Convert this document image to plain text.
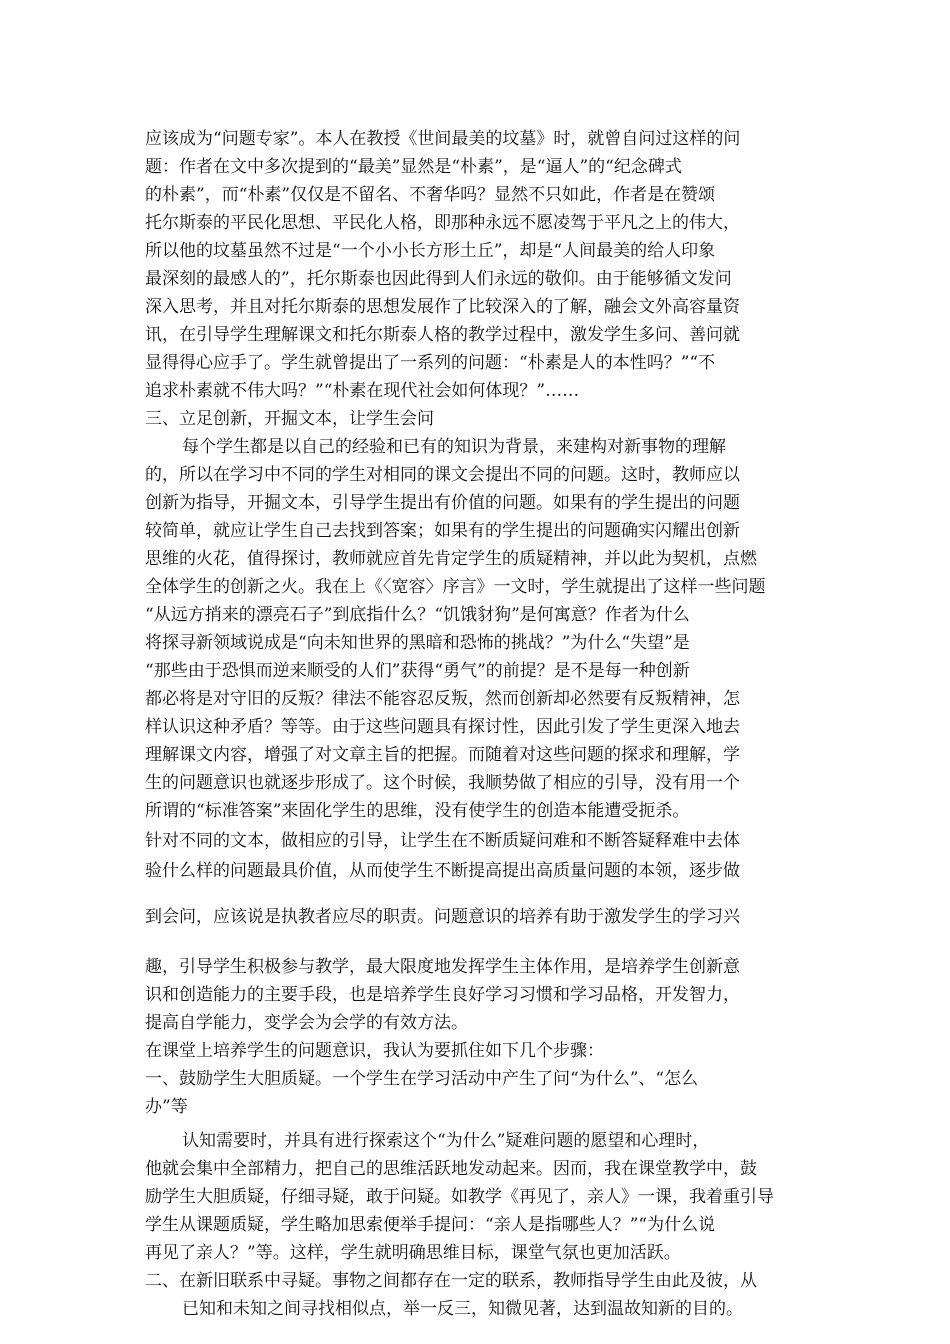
应该成为“问题专家”。本人在教授《世间最美的坟墓》时，就曾自问过这样的问
题：作者在文中多次提到的“最美”显然是“朴素”，是“逼人”的“纪念碑式
的朴素”，而“朴素”仅仅是不留名、不奢华吗？显然不只如此，作者是在赞颂
托尔斯泰的平民化思想、平民化人格，即那种永远不愿凌驾于平凡之上的伟大，
所以他的坟墓虽然不过是“一个小小长方形土丘”，却是“人间最美的给人印象
最深刻的最感人的”，托尔斯泰也因此得到人们永远的敬仰。由于能够循文发问
深入思考，并且对托尔斯泰的思想发展作了比较深入的了解，融会文外高容量资
讯，在引导学生理解课文和托尔斯泰人格的教学过程中，激发学生多问、善问就
显得得心应手了。学生就曾提出了一系列的问题：“朴素是人的本性吗？”“不
追求朴素就不伟大吗？”“朴素在现代社会如何体现？”……
三、立足创新，开掘文本，让学生会问
每个学生都是以自己的经验和已有的知识为背景，来建构对新事物的理解
的，所以在学习中不同的学生对相同的课文会提出不同的问题。这时，教师应以
创新为指导，开掘文本，引导学生提出有价值的问题。如果有的学生提出的问题
较简单，就应让学生自己去找到答案；如果有的学生提出的问题确实闪耀出创新
思维的火花，值得探讨，教师就应首先肯定学生的质疑精神，并以此为契机，点燃
全体学生的创新之火。我在上《〈宽容〉序言》一文时，学生就提出了这样一些问题
“从远方捎来的漂亮石子”到底指什么？“饥饿豺狗”是何寓意？作者为什么
将探寻新领域说成是“向未知世界的黑暗和恐怖的挑战？”为什么“失望”是
“那些由于恐惧而逆来顺受的人们”获得“勇气”的前提？是不是每一种创新
都必将是对守旧的反叛？律法不能容忍反叛，然而创新却必然要有反叛精神，怎
样认识这种矛盾？等等。由于这些问题具有探讨性，因此引发了学生更深入地去
理解课文内容，增强了对文章主旨的把握。而随着对这些问题的探求和理解，学
生的问题意识也就逐步形成了。这个时候，我顺势做了相应的引导，没有用一个
所谓的“标准答案”来固化学生的思维，没有使学生的创造本能遭受扼杀。
针对不同的文本，做相应的引导，让学生在不断质疑问难和不断答疑释难中去体
验什么样的问题最具价值，从而使学生不断提高提出高质量问题的本领，逐步做
到会问，应该说是执教者应尽的职责。问题意识的培养有助于激发学生的学习兴
趣，引导学生积极参与教学，最大限度地发挥学生主体作用，是培养学生创新意
识和创造能力的主要手段，也是培养学生良好学习习惯和学习品格，开发智力，
提高自学能力，变学会为会学的有效方法。
在课堂上培养学生的问题意识，我认为要抓住如下几个步骤：
一、鼓励学生大胆质疑。一个学生在学习活动中产生了问“为什么”、“怎么
办”等
认知需要时，并具有进行探索这个“为什么”疑难问题的愿望和心理时，
他就会集中全部精力，把自己的思维活跃地发动起来。因而，我在课堂教学中，鼓
励学生大胆质疑，仔细寻疑，敢于问疑。如教学《再见了，亲人》一课，我着重引导
学生从课题质疑，学生略加思索便举手提问：“亲人是指哪些人？”“为什么说
再见了亲人？”等。这样，学生就明确思维目标，课堂气氛也更加活跃。
二、在新旧联系中寻疑。事物之间都存在一定的联系，教师指导学生由此及彼，从
已知和未知之间寻找相似点，举一反三，知微见著，达到温故知新的目的。
